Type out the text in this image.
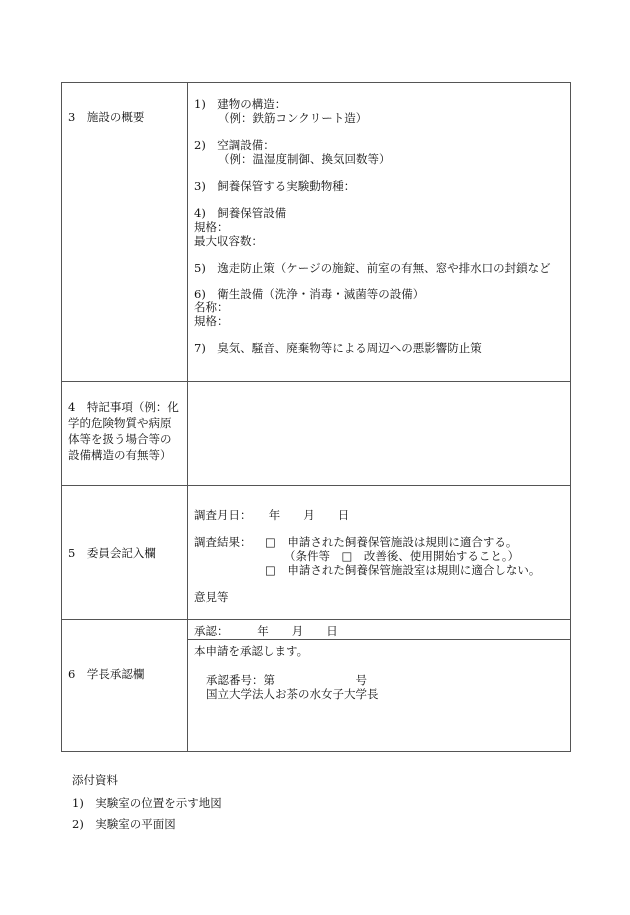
3　施設の概要
1)　建物の構造：
（例：鉄筋コンクリート造）
2)　空調設備：
（例：温湿度制御、換気回数等）
3)　飼養保管する実験動物種：
4)　飼養保管設備
規格：
最大収容数：
5)　逸走防止策（ケージの施錠、前室の有無、窓や排水口の封鎖など
6)　衛生設備（洗浄・消毒・滅菌等の設備）
名称：
規格：
7)　臭気、騒音、廃棄物等による周辺への悪影響防止策
4　特記事項（例：化学的危険物質や病原体等を扱う場合等の設備構造の有無等）
5　委員会記入欄
調査月日：　　年　　月　　日
調査結果： □　申請された飼養保管施設は規則に適合する。
（条件等　□　改善後、使用開始すること。）
□　申請された飼養保管施設室は規則に適合しない。
意見等
6　学長承認欄
承認：　　　年　　月　　日
本申請を承認します。
承認番号：第　　　　　　　号
国立大学法人お茶の水女子大学長
添付資料
1)　実験室の位置を示す地図
2)　実験室の平面図
